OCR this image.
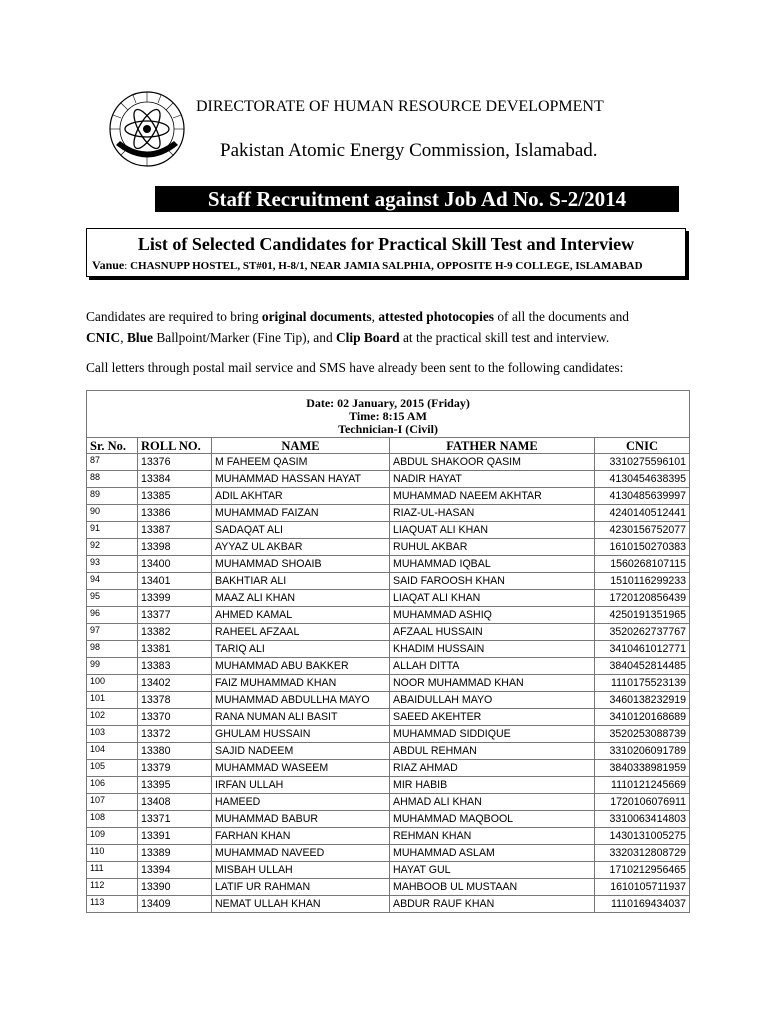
DIRECTORATE OF HUMAN RESOURCE DEVELOPMENT
Pakistan Atomic Energy Commission, Islamabad.
Staff Recruitment against Job Ad No. S-2/2014
List of Selected Candidates for Practical Skill Test and Interview
Vanue: CHASNUPP HOSTEL, ST#01, H-8/1, NEAR JAMIA SALPHIA, OPPOSITE H-9 COLLEGE, ISLAMABAD
Candidates are required to bring original documents, attested photocopies of all the documents and
CNIC, Blue Ballpoint/Marker (Fine Tip), and Clip Board at the practical skill test and interview.
Call letters through postal mail service and SMS have already been sent to the following candidates:
Date: 02 January, 2015 (Friday)
Time: 8:15 AM
Technician-I (Civil)				

Sr. No.	ROLL NO.	NAME	FATHER NAME	CNIC
87	13376	M FAHEEM QASIM	ABDUL SHAKOOR QASIM	3310275596101
88	13384	MUHAMMAD HASSAN HAYAT	NADIR HAYAT	4130454638395
89	13385	ADIL AKHTAR	MUHAMMAD NAEEM AKHTAR	4130485639997
90	13386	MUHAMMAD FAIZAN	RIAZ-UL-HASAN	4240140512441
91	13387	SADAQAT ALI	LIAQUAT ALI KHAN	4230156752077
92	13398	AYYAZ UL AKBAR	RUHUL AKBAR	1610150270383
93	13400	MUHAMMAD SHOAIB	MUHAMMAD IQBAL	1560268107115
94	13401	BAKHTIAR ALI	SAID FAROOSH KHAN	1510116299233
95	13399	MAAZ ALI KHAN	LIAQAT ALI KHAN	1720120856439
96	13377	AHMED KAMAL	MUHAMMAD ASHIQ	4250191351965
97	13382	RAHEEL AFZAAL	AFZAAL HUSSAIN	3520262737767
98	13381	TARIQ ALI	KHADIM HUSSAIN	3410461012771
99	13383	MUHAMMAD ABU BAKKER	ALLAH DITTA	3840452814485
100	13402	FAIZ MUHAMMAD KHAN	NOOR MUHAMMAD KHAN	1110175523139
101	13378	MUHAMMAD ABDULLHA MAYO	ABAIDULLAH MAYO	3460138232919
102	13370	RANA NUMAN ALI BASIT	SAEED AKEHTER	3410120168689
103	13372	GHULAM HUSSAIN	MUHAMMAD SIDDIQUE	3520253088739
104	13380	SAJID NADEEM	ABDUL REHMAN	3310206091789
105	13379	MUHAMMAD WASEEM	RIAZ AHMAD	3840338981959
106	13395	IRFAN ULLAH	MIR HABIB	1110121245669
107	13408	HAMEED	AHMAD ALI KHAN	1720106076911
108	13371	MUHAMMAD BABUR	MUHAMMAD MAQBOOL	3310063414803
109	13391	FARHAN KHAN	REHMAN KHAN	1430131005275
110	13389	MUHAMMAD NAVEED	MUHAMMAD ASLAM	3320312808729
111	13394	MISBAH ULLAH	HAYAT GUL	1710212956465
112	13390	LATIF UR RAHMAN	MAHBOOB UL MUSTAAN	1610105711937
113	13409	NEMAT ULLAH KHAN	ABDUR RAUF KHAN	1110169434037
